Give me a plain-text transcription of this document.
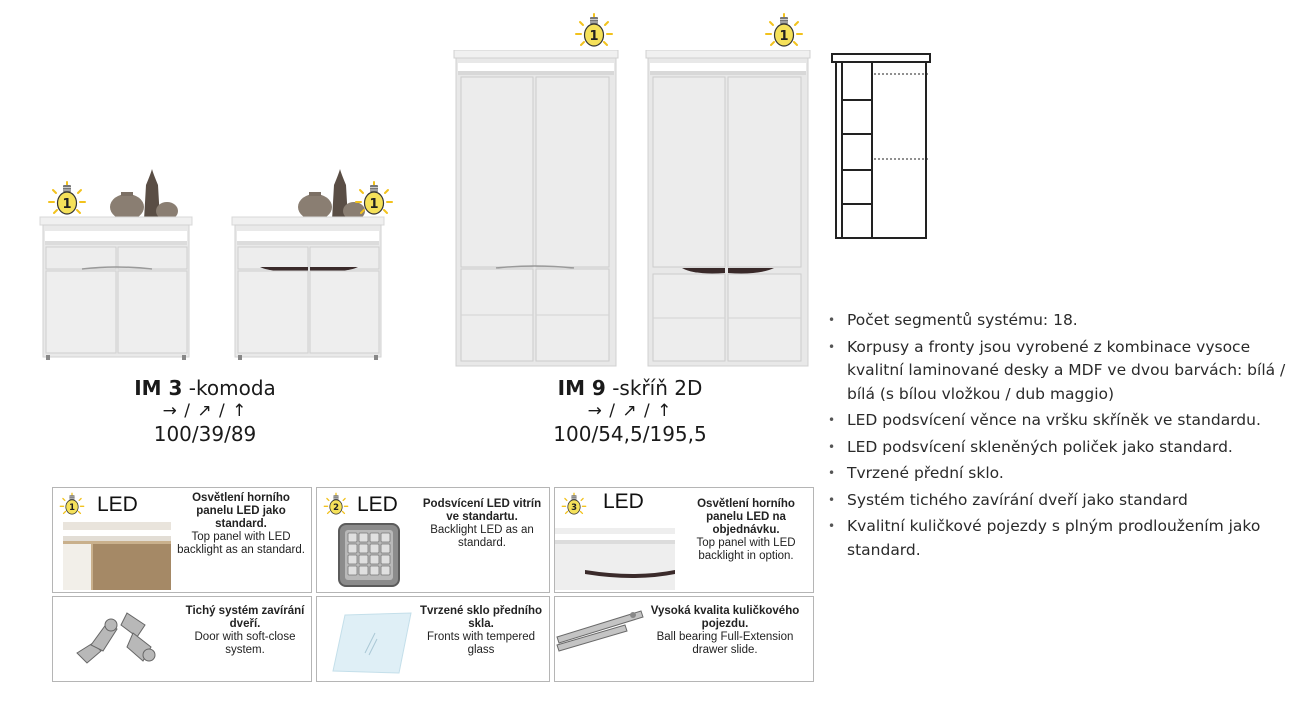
1	1
1	1
IM 3 -komoda
→ / ↗ / ↑
100/39/89
IM 9 -skříň 2D
→ / ↗ / ↑
100/54,5/195,5
1 LED	Osvětlení horního panelu LED jako standard.
Top panel with LED backlight as an standard.
2 LED	Podsvícení LED vitrín ve standartu.
Backlight LED as an standard.
3 LED	Osvětlení horního panelu LED na objednávku.
Top panel with LED backlight in option.
Tichý systém zavírání dveří.
Door with soft-close system.
Tvrzené sklo předního skla.
Fronts with tempered glass
Vysoká kvalita kuličkového pojezdu.
Ball bearing Full-Extension drawer slide.
• Počet segmentů systému: 18.
• Korpusy a fronty jsou vyrobené z kombinace vysoce kvalitní laminované desky a MDF ve dvou barvách: bílá / bílá (s bílou vložkou / dub maggio)
• LED podsvícení věnce na vršku skříněk ve standardu.
• LED podsvícení skleněných poliček jako standard.
• Tvrzené přední sklo.
• Systém tichého zavírání dveří jako standard
• Kvalitní kuličkové pojezdy s plným prodloužením jako standard.
